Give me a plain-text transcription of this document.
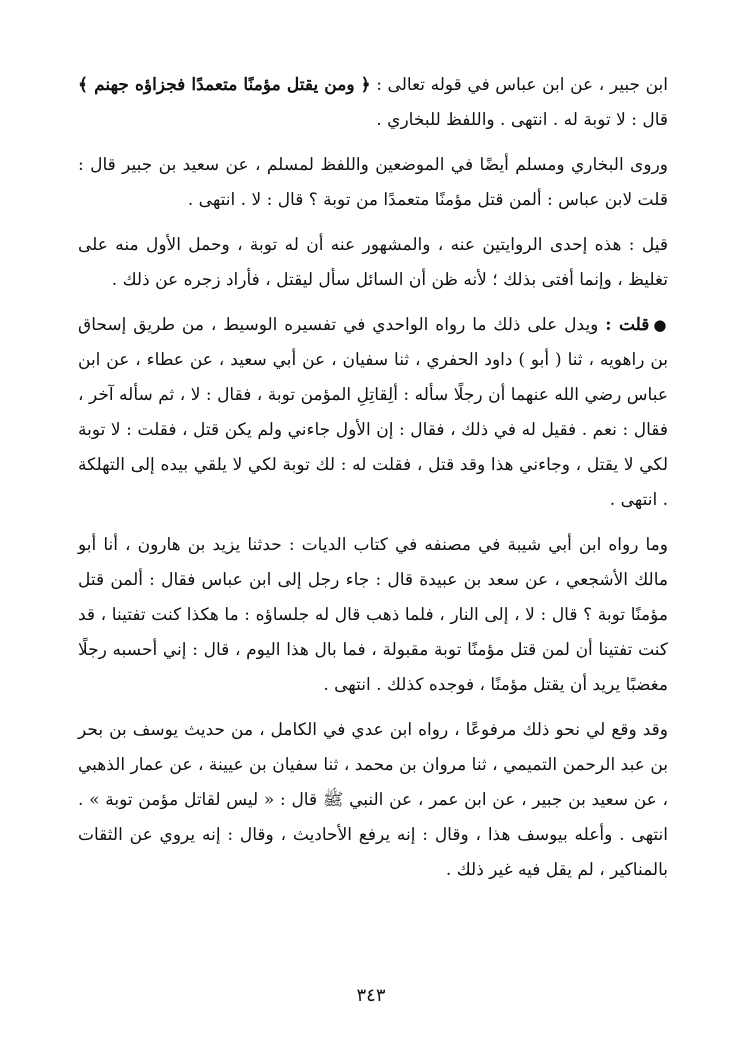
ابن جبير ، عن ابن عباس في قوله تعالى : ﴿ ومن يقتل مؤمنًا متعمدًا فجزاؤه جهنم ﴾ قال : لا توبة له . انتهى . واللفظ للبخاري .

وروى البخاري ومسلم أيضًا في الموضعين واللفظ لمسلم ، عن سعيد بن جبير قال : قلت لابن عباس : ألمن قتل مؤمنًا متعمدًا من توبة ؟ قال : لا . انتهى .

قيل : هذه إحدى الروايتين عنه ، والمشهور عنه أن له توبة ، وحمل الأول منه على تغليظ ، وإنما أفتى بذلك ؛ لأنه ظن أن السائل سأل ليقتل ، فأراد زجره عن ذلك .

●قلت : ويدل على ذلك ما رواه الواحدي في تفسيره الوسيط ، من طريق إسحاق بن راهويه ، ثنا ( أبو ) داود الحفري ، ثنا سفيان ، عن أبي سعيد ، عن عطاء ، عن ابن عباس رضي الله عنهما أن رجلًا سأله : ألِقاتِلِ المؤمن توبة ، فقال : لا ، ثم سأله آخر ، فقال : نعم . فقيل له في ذلك ، فقال : إن الأول جاءني ولم يكن قتل ، فقلت : لا توبة لكي لا يقتل ، وجاءني هذا وقد قتل ، فقلت له : لك توبة لكي لا يلقي بيده إلى التهلكة . انتهى .

وما رواه ابن أبي شيبة في مصنفه في كتاب الديات : حدثنا يزيد بن هارون ، أنا أبو مالك الأشجعي ، عن سعد بن عبيدة قال : جاء رجل إلى ابن عباس فقال : ألمن قتل مؤمنًا توبة ؟ قال : لا ، إلى النار ، فلما ذهب قال له جلساؤه : ما هكذا كنت تفتينا ، قد كنت تفتينا أن لمن قتل مؤمنًا توبة مقبولة ، فما بال هذا اليوم ، قال : إني أحسبه رجلًا مغضبًا يريد أن يقتل مؤمنًا ، فوجده كذلك . انتهى .

وقد وقع لي نحو ذلك مرفوعًا ، رواه ابن عدي في الكامل ، من حديث يوسف بن بحر بن عبد الرحمن التميمي ، ثنا مروان بن محمد ، ثنا سفيان بن عيينة ، عن عمار الذهبي ، عن سعيد بن جبير ، عن ابن عمر ، عن النبي ﷺ قال : « ليس لقاتل مؤمن توبة » . انتهى . وأعله بيوسف هذا ، وقال : إنه يرفع الأحاديث ، وقال : إنه يروي عن الثقات بالمناكير ، لم يقل فيه غير ذلك .

٣٤٣
